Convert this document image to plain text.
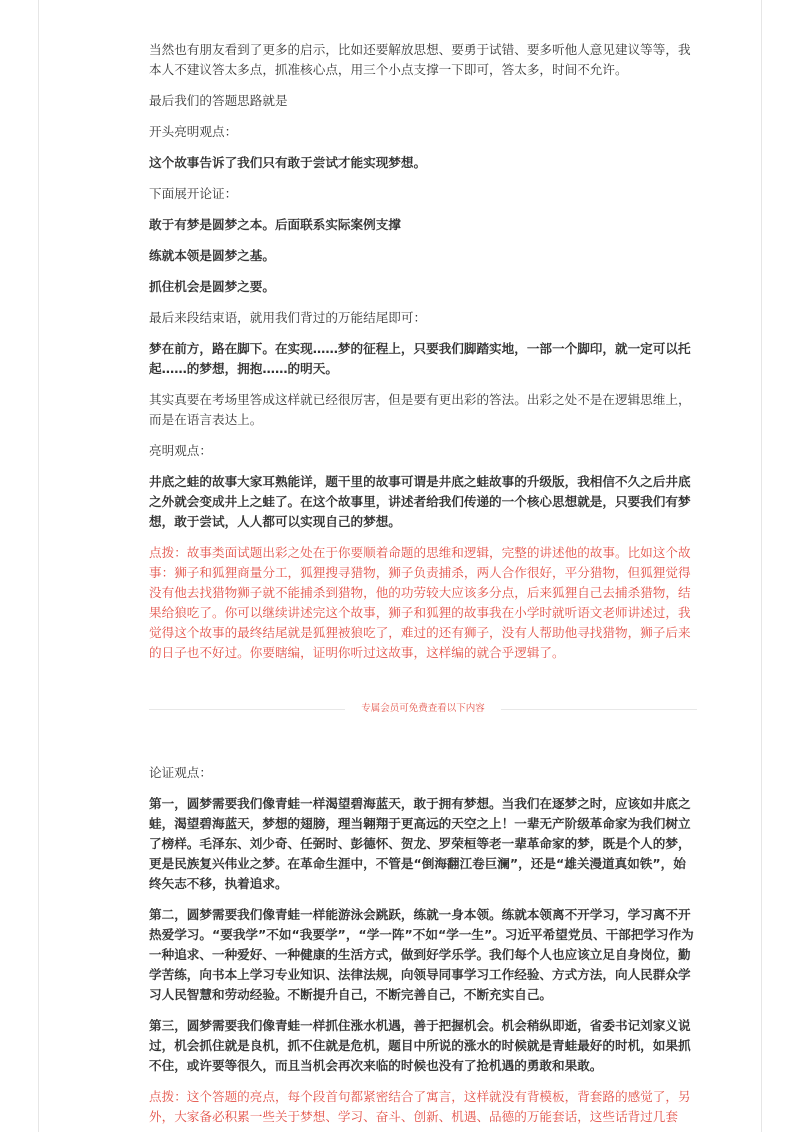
当然也有朋友看到了更多的启示，比如还要解放思想、要勇于试错、要多听他人意见建议等等，我本人不建议答太多点，抓准核心点，用三个小点支撑一下即可，答太多，时间不允许。

最后我们的答题思路就是

开头亮明观点：

这个故事告诉了我们只有敢于尝试才能实现梦想。

下面展开论证：

敢于有梦是圆梦之本。后面联系实际案例支撑

练就本领是圆梦之基。

抓住机会是圆梦之要。

最后来段结束语，就用我们背过的万能结尾即可：

梦在前方，路在脚下。在实现……梦的征程上，只要我们脚踏实地，一部一个脚印，就一定可以托起……的梦想，拥抱……的明天。

其实真要在考场里答成这样就已经很厉害，但是要有更出彩的答法。出彩之处不是在逻辑思维上，而是在语言表达上。

亮明观点：

井底之蛙的故事大家耳熟能详，题干里的故事可谓是井底之蛙故事的升级版，我相信不久之后井底之外就会变成井上之蛙了。在这个故事里，讲述者给我们传递的一个核心思想就是，只要我们有梦想，敢于尝试，人人都可以实现自己的梦想。

点拨：故事类面试题出彩之处在于你要顺着命题的思维和逻辑，完整的讲述他的故事。比如这个故事：狮子和狐狸商量分工，狐狸搜寻猎物，狮子负责捕杀，两人合作很好，平分猎物，但狐狸觉得没有他去找猎物狮子就不能捕杀到猎物，他的功劳较大应该多分点，后来狐狸自己去捕杀猎物，结果给狼吃了。你可以继续讲述完这个故事，狮子和狐狸的故事我在小学时就听语文老师讲述过，我觉得这个故事的最终结尾就是狐狸被狼吃了，难过的还有狮子，没有人帮助他寻找猎物，狮子后来的日子也不好过。你要瞎编，证明你听过这故事，这样编的就合乎逻辑了。

专属会员可免费查看以下内容

论证观点：

第一，圆梦需要我们像青蛙一样渴望碧海蓝天，敢于拥有梦想。当我们在逐梦之时，应该如井底之蛙，渴望碧海蓝天，梦想的翅膀，理当翱翔于更高远的天空之上！一辈无产阶级革命家为我们树立了榜样。毛泽东、刘少奇、任弼时、彭德怀、贺龙、罗荣桓等老一辈革命家的梦，既是个人的梦，更是民族复兴伟业之梦。在革命生涯中，不管是“倒海翻江卷巨澜”，还是“雄关漫道真如铁”，始终矢志不移，执着追求。

第二，圆梦需要我们像青蛙一样能游泳会跳跃，练就一身本领。练就本领离不开学习，学习离不开热爱学习。“要我学”不如“我要学”，“学一阵”不如“学一生”。习近平希望党员、干部把学习作为一种追求、一种爱好、一种健康的生活方式，做到好学乐学。我们每个人也应该立足自身岗位，勤学苦练，向书本上学习专业知识、法律法规，向领导同事学习工作经验、方式方法，向人民群众学习人民智慧和劳动经验。不断提升自己，不断完善自己，不断充实自己。

第三，圆梦需要我们像青蛙一样抓住涨水机遇，善于把握机会。机会稍纵即逝，省委书记刘家义说过，机会抓住就是良机，抓不住就是危机，题目中所说的涨水的时候就是青蛙最好的时机，如果抓不住，或许要等很久，而且当机会再次来临的时候也没有了抢机遇的勇敢和果敢。

点拨：这个答题的亮点，每个段首句都紧密结合了寓言，这样就没有背模板，背套路的感觉了，另外，大家备必积累一些关于梦想、学习、奋斗、创新、机遇、品德的万能套话，这些话背过几套
